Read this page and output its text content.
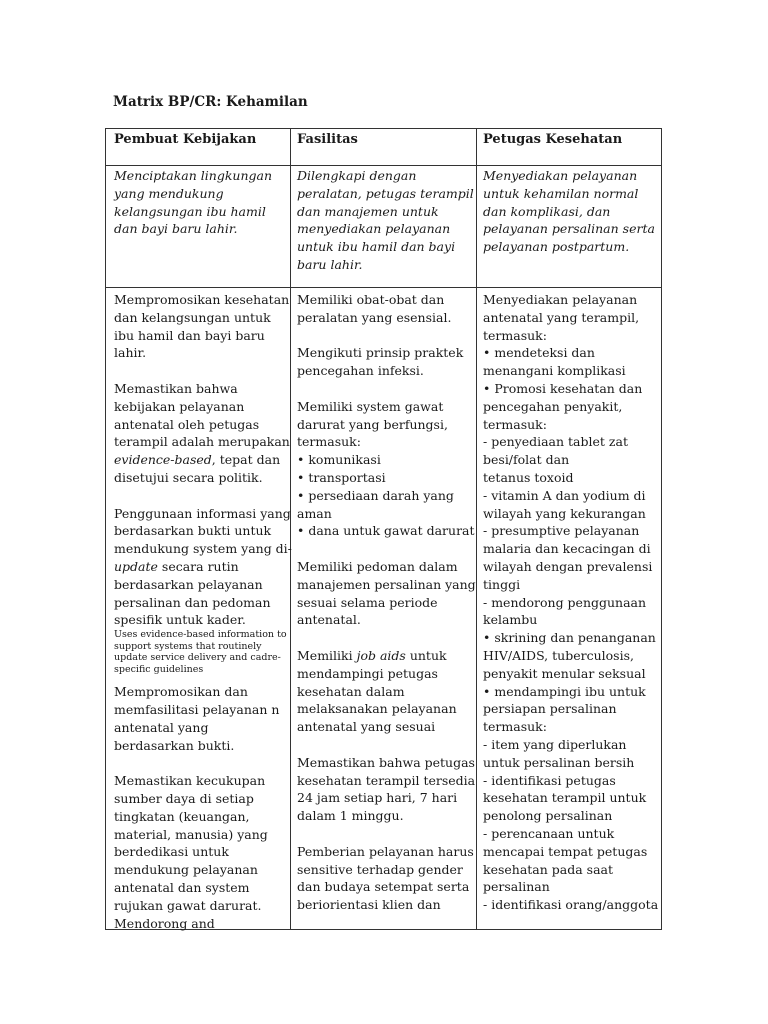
Matrix BP/CR: Kehamilan
Pembuat Kebijakan	Fasilitas	Petugas Kesehatan
Menciptakan lingkungan yang mendukung kelangsungan ibu hamil dan bayi baru lahir.
Dilengkapi dengan peralatan, petugas terampil dan manajemen untuk menyediakan pelayanan untuk ibu hamil dan bayi baru lahir.
Menyediakan pelayanan untuk kehamilan normal dan komplikasi, dan pelayanan persalinan serta pelayanan postpartum.
Mempromosikan kesehatan dan kelangsungan untuk ibu hamil dan bayi baru lahir.
Memastikan bahwa kebijakan pelayanan antenatal oleh petugas terampil adalah merupakan evidence-based, tepat dan disetujui secara politik.
Penggunaan informasi yang berdasarkan bukti untuk mendukung system yang di-update secara rutin berdasarkan pelayanan persalinan dan pedoman spesifik untuk kader.
Uses evidence-based information to support systems that routinely update service delivery and cadre-specific guidelines
Mempromosikan dan memfasilitasi pelayanan n antenatal yang berdasarkan bukti.
Memastikan kecukupan sumber daya di setiap tingkatan (keuangan, material, manusia) yang berdedikasi untuk mendukung pelayanan antenatal dan system rujukan gawat darurat.
Mendorong and
Memiliki obat-obat dan peralatan yang esensial.
Mengikuti prinsip praktek pencegahan infeksi.
Memiliki system gawat darurat yang berfungsi, termasuk:
• komunikasi
• transportasi
• persediaan darah yang aman
• dana untuk gawat darurat
Memiliki pedoman dalam manajemen persalinan yang sesuai selama periode antenatal.
Memiliki job aids untuk mendampingi petugas kesehatan dalam melaksanakan pelayanan antenatal yang sesuai
Memastikan bahwa petugas kesehatan terampil tersedia 24 jam setiap hari, 7 hari dalam 1 minggu.
Pemberian pelayanan harus sensitive terhadap gender dan budaya setempat serta beriorientasi klien dan
Menyediakan pelayanan
antenatal yang terampil,
termasuk:
• mendeteksi dan
menangani komplikasi
• Promosi kesehatan dan
pencegahan penyakit,
termasuk:
- penyediaan tablet zat
besi/folat dan
tetanus toxoid
- vitamin A dan yodium di
wilayah yang kekurangan
- presumptive pelayanan
malaria dan kecacingan di
wilayah dengan prevalensi
tinggi
- mendorong penggunaan
kelambu
• skrining dan penanganan
HIV/AIDS, tuberculosis,
penyakit menular seksual
• mendampingi ibu untuk
persiapan persalinan
termasuk:
- item yang diperlukan
untuk persalinan bersih
- identifikasi petugas
kesehatan terampil untuk
penolong persalinan
- perencanaan untuk
mencapai tempat petugas
kesehatan pada saat
persalinan
- identifikasi orang/anggota
